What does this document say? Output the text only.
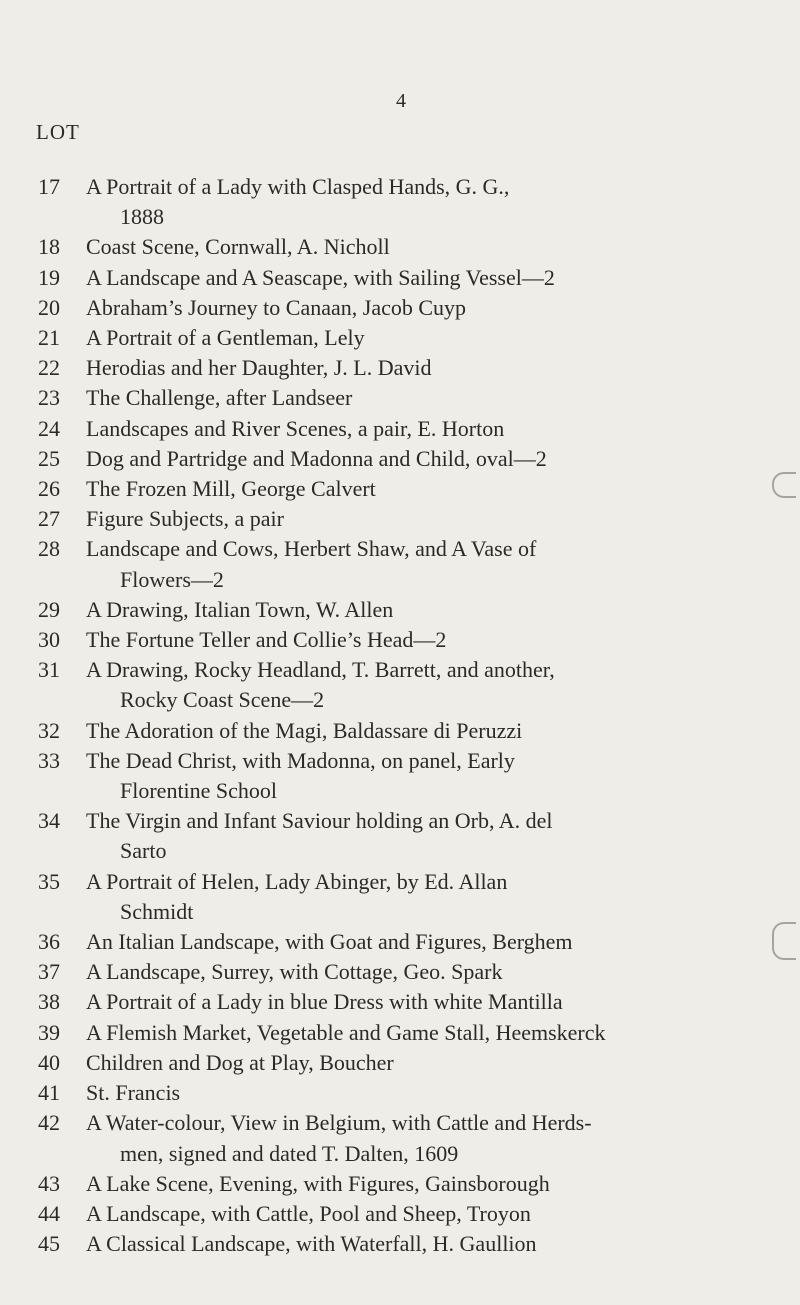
4
LOT
17	A Portrait of a Lady with Clasped Hands, G. G.,
1888
18	Coast Scene, Cornwall, A. Nicholl
19	A Landscape and A Seascape, with Sailing Vessel—2
20	Abraham’s Journey to Canaan, Jacob Cuyp
21	A Portrait of a Gentleman, Lely
22	Herodias and her Daughter, J. L. David
23	The Challenge, after Landseer
24	Landscapes and River Scenes, a pair, E. Horton
25	Dog and Partridge and Madonna and Child, oval—2
26	The Frozen Mill, George Calvert
27	Figure Subjects, a pair
28	Landscape and Cows, Herbert Shaw, and A Vase of
Flowers—2
29	A Drawing, Italian Town, W. Allen
30	The Fortune Teller and Collie’s Head—2
31	A Drawing, Rocky Headland, T. Barrett, and another,
Rocky Coast Scene—2
32	The Adoration of the Magi, Baldassare di Peruzzi
33	The Dead Christ, with Madonna, on panel, Early
Florentine School
34	The Virgin and Infant Saviour holding an Orb, A. del
Sarto
35	A Portrait of Helen, Lady Abinger, by Ed. Allan
Schmidt
36	An Italian Landscape, with Goat and Figures, Berghem
37	A Landscape, Surrey, with Cottage, Geo. Spark
38	A Portrait of a Lady in blue Dress with white Mantilla
39	A Flemish Market, Vegetable and Game Stall, Heemskerck
40	Children and Dog at Play, Boucher
41	St. Francis
42	A Water-colour, View in Belgium, with Cattle and Herds-
men, signed and dated T. Dalten, 1609
43	A Lake Scene, Evening, with Figures, Gainsborough
44	A Landscape, with Cattle, Pool and Sheep, Troyon
45	A Classical Landscape, with Waterfall, H. Gaullion
